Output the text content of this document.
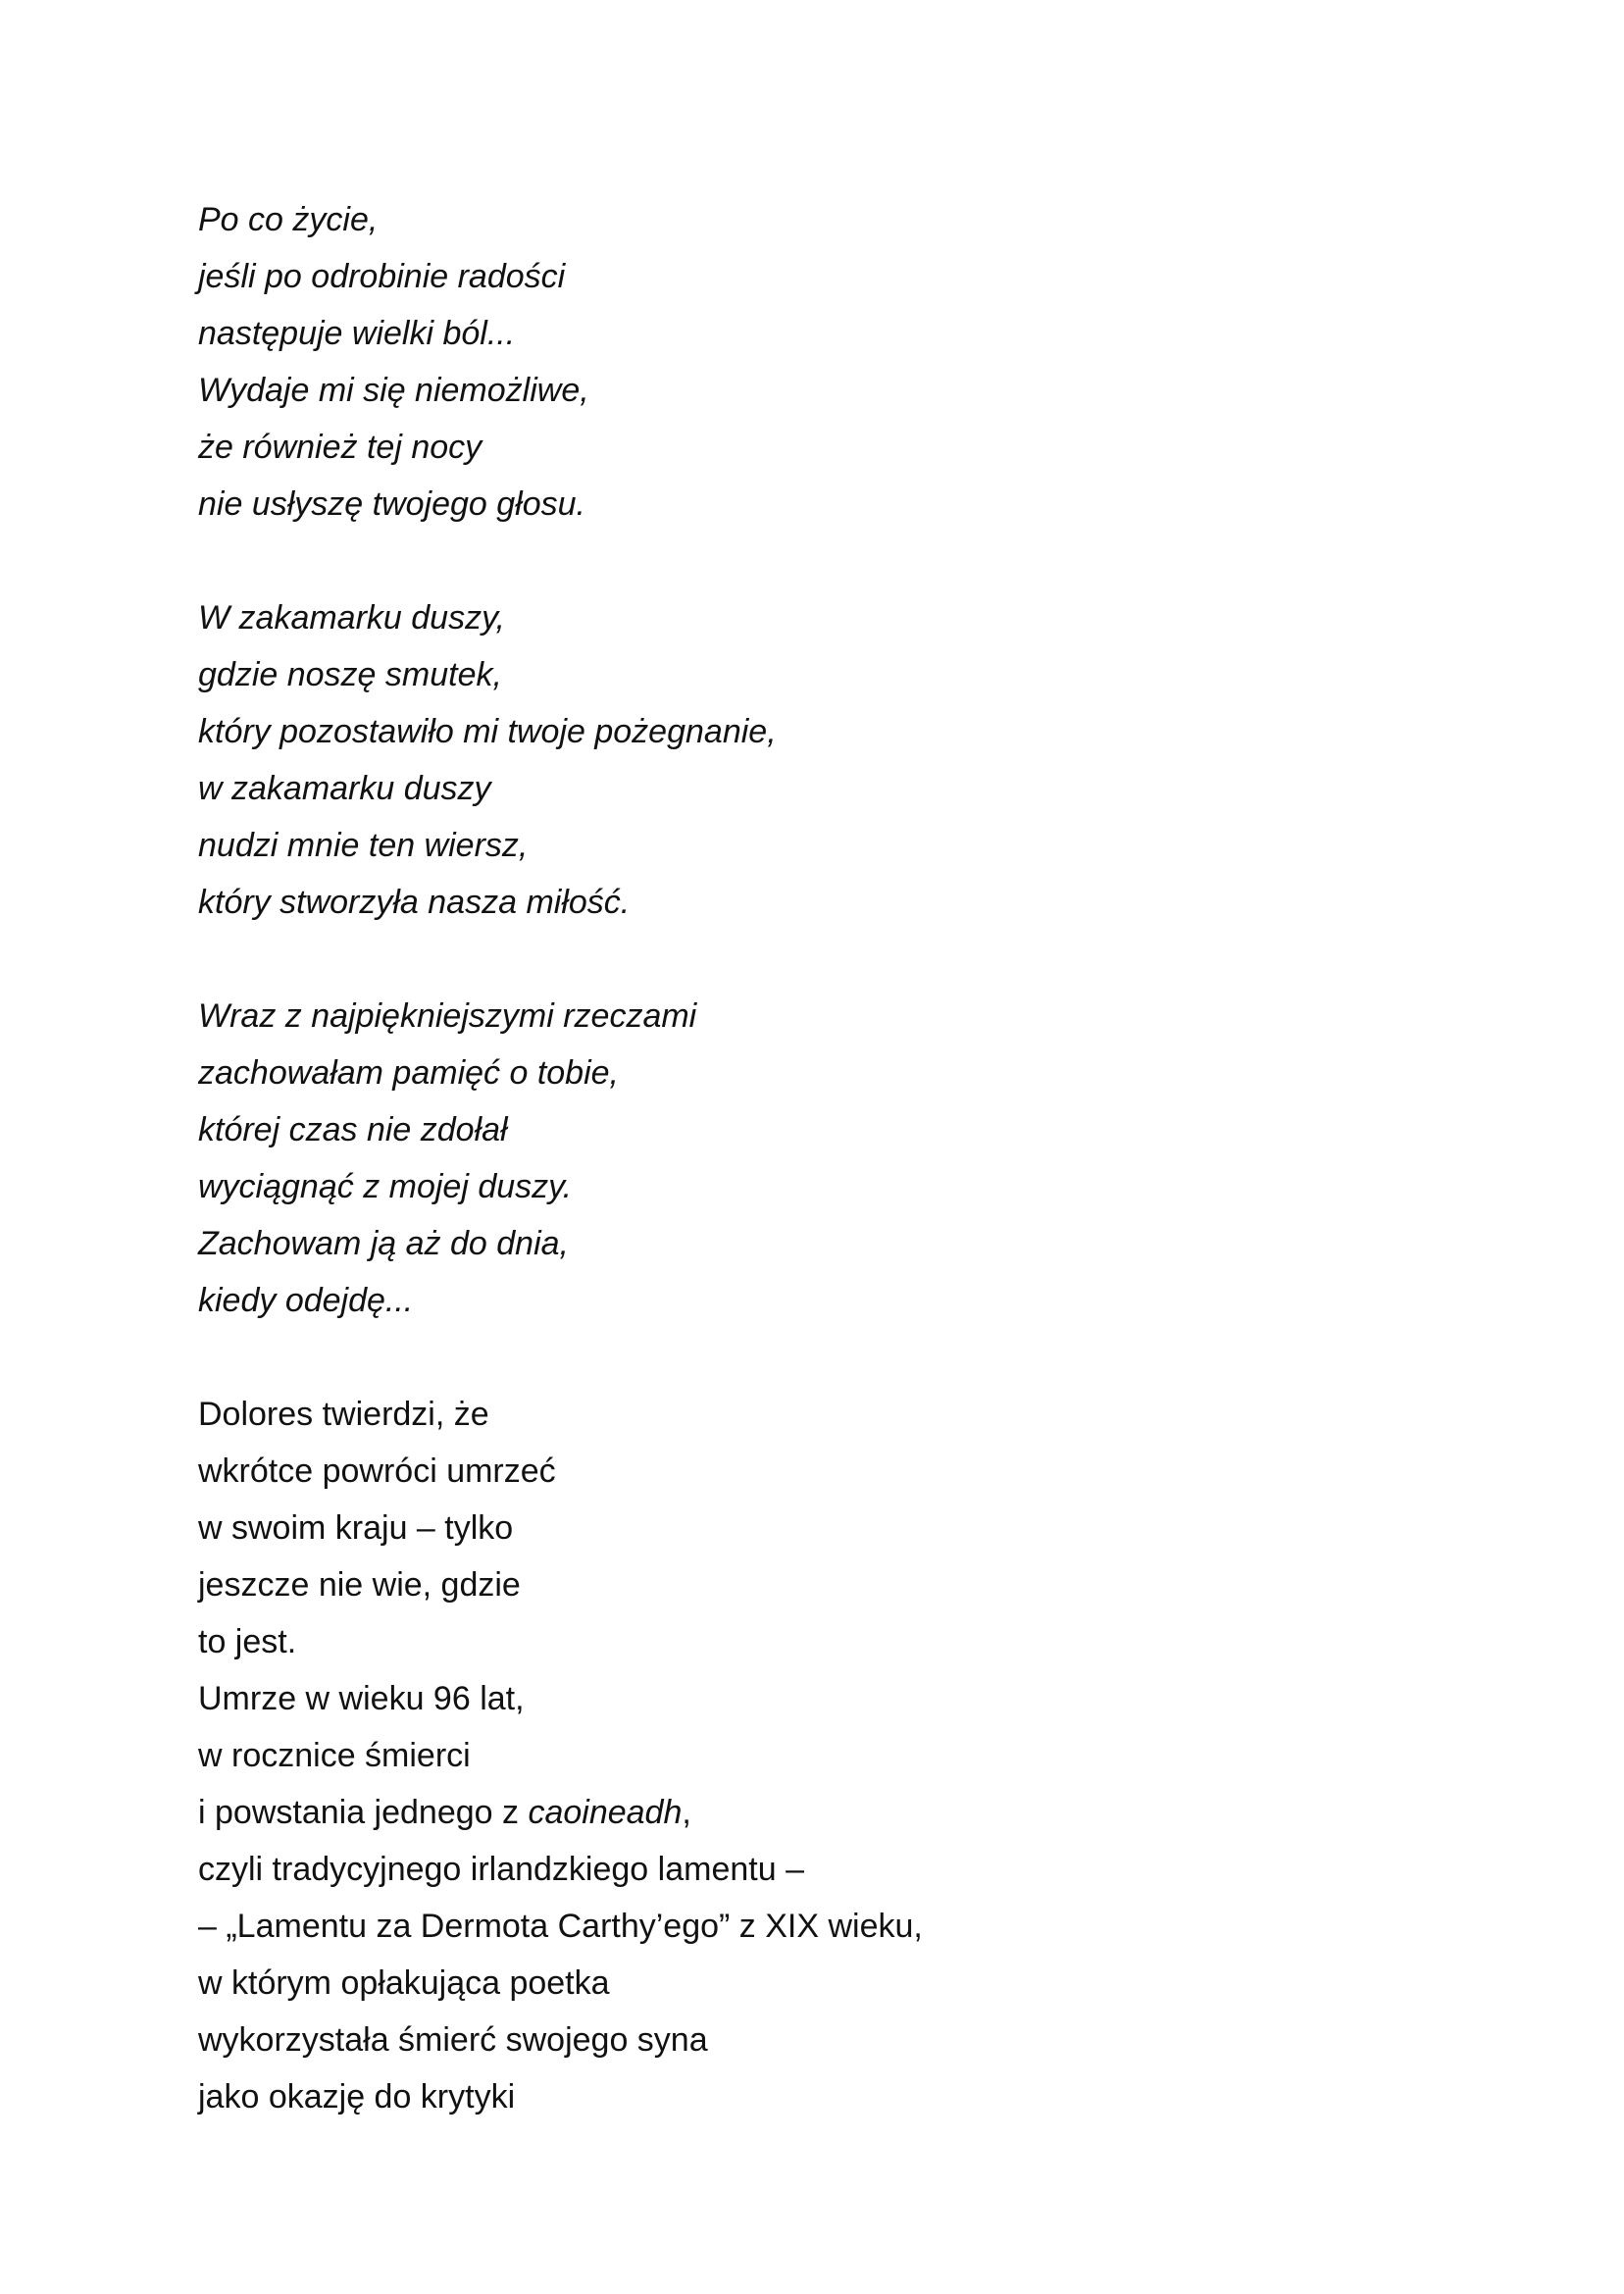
Po co życie,
jeśli po odrobinie radości
następuje wielki ból...
Wydaje mi się niemożliwe,
że również tej nocy
nie usłyszę twojego głosu.
W zakamarku duszy,
gdzie noszę smutek,
który pozostawiło mi twoje pożegnanie,
w zakamarku duszy
nudzi mnie ten wiersz,
który stworzyła nasza miłość.
Wraz z najpiękniejszymi rzeczami
zachowałam pamięć o tobie,
której czas nie zdołał
wyciągnąć z mojej duszy.
Zachowam ją aż do dnia,
kiedy odejdę...
Dolores twierdzi, że
wkrótce powróci umrzeć
w swoim kraju – tylko
jeszcze nie wie, gdzie
to jest.
Umrze w wieku 96 lat,
w rocznice śmierci
i powstania jednego z caoineadh,
czyli tradycyjnego irlandzkiego lamentu –
– „Lamentu za Dermota Carthy’ego” z XIX wieku,
w którym opłakująca poetka
wykorzystała śmierć swojego syna
jako okazję do krytyki
